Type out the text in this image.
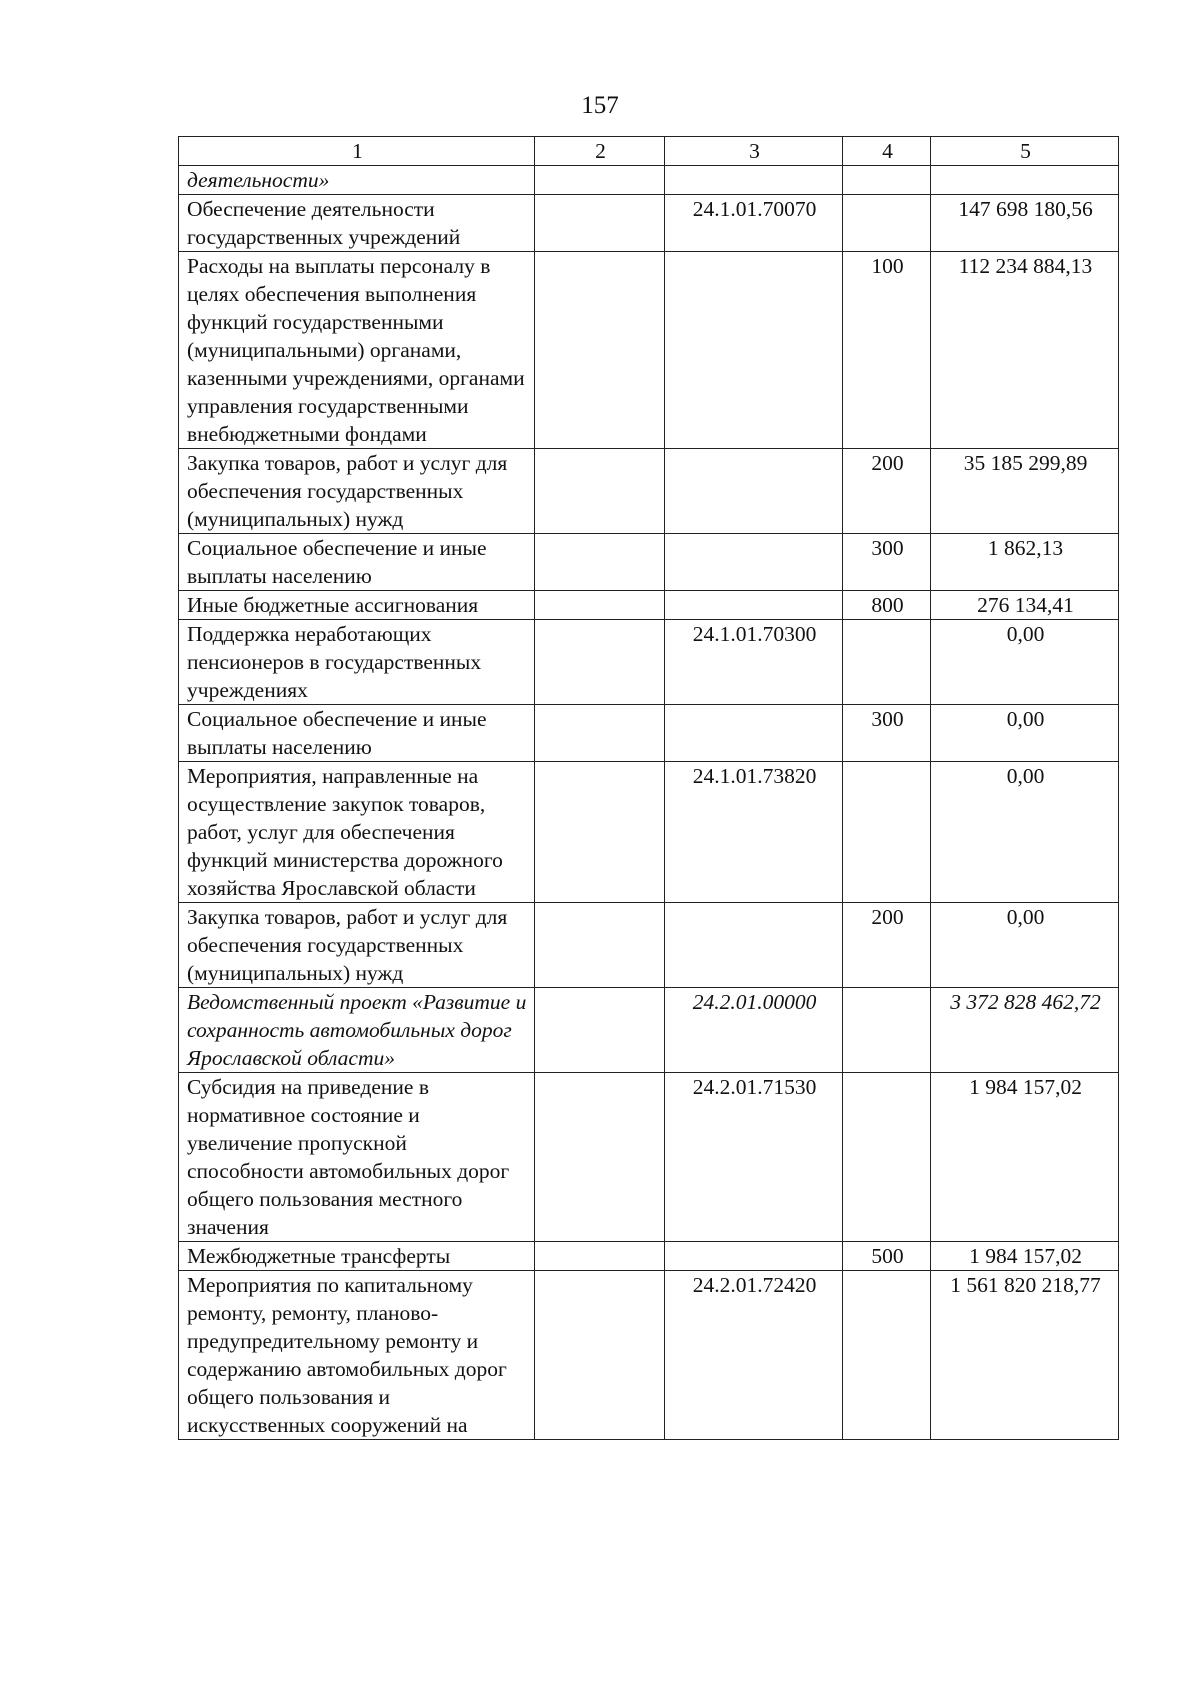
157
1	2	3	4	5
деятельности»				
Обеспечение деятельности государственных учреждений		24.1.01.70070		147 698 180,56
Расходы на выплаты персоналу в целях обеспечения выполнения функций государственными (муниципальными) органами, казенными учреждениями, органами управления государственными внебюджетными фондами			100	112 234 884,13
Закупка товаров, работ и услуг для обеспечения государственных (муниципальных) нужд			200	35 185 299,89
Социальное обеспечение и иные выплаты населению			300	1 862,13
Иные бюджетные ассигнования			800	276 134,41
Поддержка неработающих пенсионеров в государственных учреждениях		24.1.01.70300		0,00
Социальное обеспечение и иные выплаты населению			300	0,00
Мероприятия, направленные на осуществление закупок товаров, работ, услуг для обеспечения функций министерства дорожного хозяйства Ярославской области		24.1.01.73820		0,00
Закупка товаров, работ и услуг для обеспечения государственных (муниципальных) нужд			200	0,00
Ведомственный проект «Развитие и сохранность автомобильных дорог Ярославской области»		24.2.01.00000		3 372 828 462,72
Субсидия на приведение в нормативное состояние и увеличение пропускной способности автомобильных дорог общего пользования местного значения		24.2.01.71530		1 984 157,02
Межбюджетные трансферты			500	1 984 157,02
Мероприятия по капитальному ремонту, ремонту, планово-предупредительному ремонту и содержанию автомобильных дорог общего пользования и искусственных сооружений на		24.2.01.72420		1 561 820 218,77
